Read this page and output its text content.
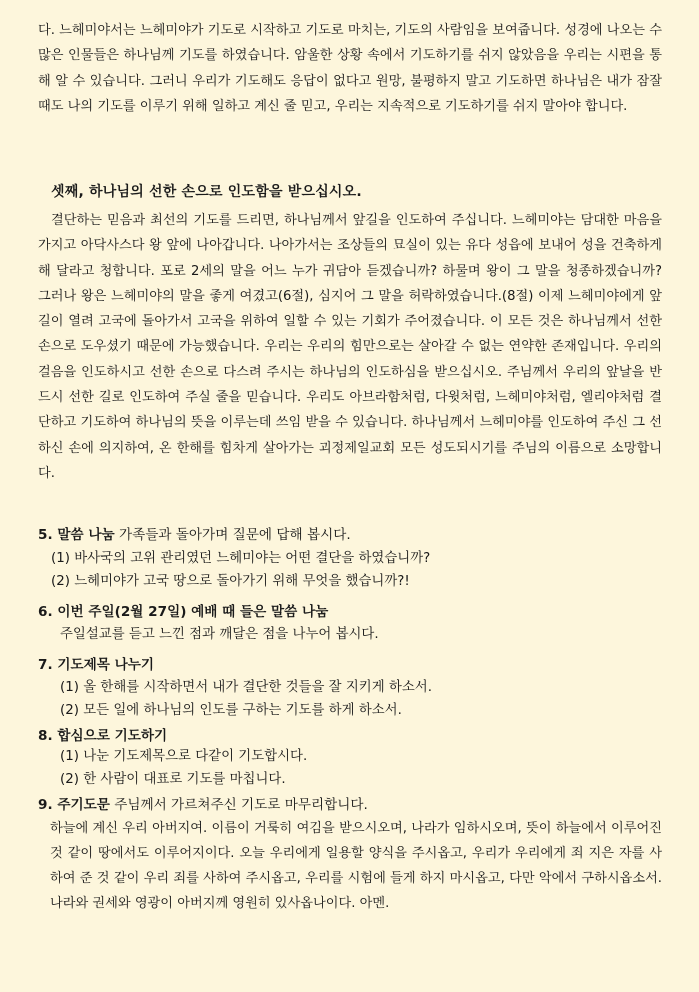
다. 느헤미야서는 느헤미야가 기도로 시작하고 기도로 마치는, 기도의 사람임을 보여줍니다. 성경에 나오는 수많은 인물들은 하나님께 기도를 하였습니다. 암울한 상황 속에서 기도하기를 쉬지 않았음을 우리는 시편을 통해 알 수 있습니다. 그러니 우리가 기도해도 응답이 없다고 원망, 불평하지 말고 기도하면 하나님은 내가 잠잘 때도 나의 기도를 이루기 위해 일하고 계신 줄 믿고, 우리는 지속적으로 기도하기를 쉬지 말아야 합니다.
셋째, 하나님의 선한 손으로 인도함을 받으십시오.
결단하는 믿음과 최선의 기도를 드리면, 하나님께서 앞길을 인도하여 주십니다. 느헤미야는 담대한 마음을 가지고 아닥사스다 왕 앞에 나아갑니다. 나아가서는 조상들의 묘실이 있는 유다 성읍에 보내어 성을 건축하게 해 달라고 청합니다. 포로 2세의 말을 어느 누가 귀담아 듣겠습니까? 하물며 왕이 그 말을 청종하겠습니까? 그러나 왕은 느헤미야의 말을 좋게 여겼고(6절), 심지어 그 말을 허락하였습니다.(8절) 이제 느헤미야에게 앞길이 열려 고국에 돌아가서 고국을 위하여 일할 수 있는 기회가 주어졌습니다. 이 모든 것은 하나님께서 선한 손으로 도우셨기 때문에 가능했습니다. 우리는 우리의 힘만으로는 살아갈 수 없는 연약한 존재입니다. 우리의 걸음을 인도하시고 선한 손으로 다스려 주시는 하나님의 인도하심을 받으십시오. 주님께서 우리의 앞날을 반드시 선한 길로 인도하여 주실 줄을 믿습니다. 우리도 아브라함처럼, 다윗처럼, 느헤미야처럼, 엘리야처럼 결단하고 기도하여 하나님의 뜻을 이루는데 쓰임 받을 수 있습니다. 하나님께서 느헤미야를 인도하여 주신 그 선하신 손에 의지하여, 온 한해를 힘차게 살아가는 괴정제일교회 모든 성도되시기를 주님의 이름으로 소망합니다.
5. 말씀 나눔 가족들과 돌아가며 질문에 답해 봅시다.
(1) 바사국의 고위 관리였던 느헤미야는 어떤 결단을 하였습니까?
(2) 느헤미야가 고국 땅으로 돌아가기 위해 무엇을 했습니까?!
6. 이번 주일(2월 27일) 예배 때 들은 말씀 나눔
주일설교를 듣고 느낀 점과 깨달은 점을 나누어 봅시다.
7. 기도제목 나누기
(1) 올 한해를 시작하면서 내가 결단한 것들을 잘 지키게 하소서.
(2) 모든 일에 하나님의 인도를 구하는 기도를 하게 하소서.
8. 합심으로 기도하기
(1) 나눈 기도제목으로 다같이 기도합시다.
(2) 한 사람이 대표로 기도를 마칩니다.
9. 주기도문 주님께서 가르쳐주신 기도로 마무리합니다.
하늘에 계신 우리 아버지여. 이름이 거룩히 여김을 받으시오며, 나라가 임하시오며, 뜻이 하늘에서 이루어진 것 같이 땅에서도 이루어지이다. 오늘 우리에게 일용할 양식을 주시옵고, 우리가 우리에게 죄 지은 자를 사하여 준 것 같이 우리 죄를 사하여 주시옵고, 우리를 시험에 들게 하지 마시옵고, 다만 악에서 구하시옵소서. 나라와 권세와 영광이 아버지께 영원히 있사옵나이다. 아멘.
